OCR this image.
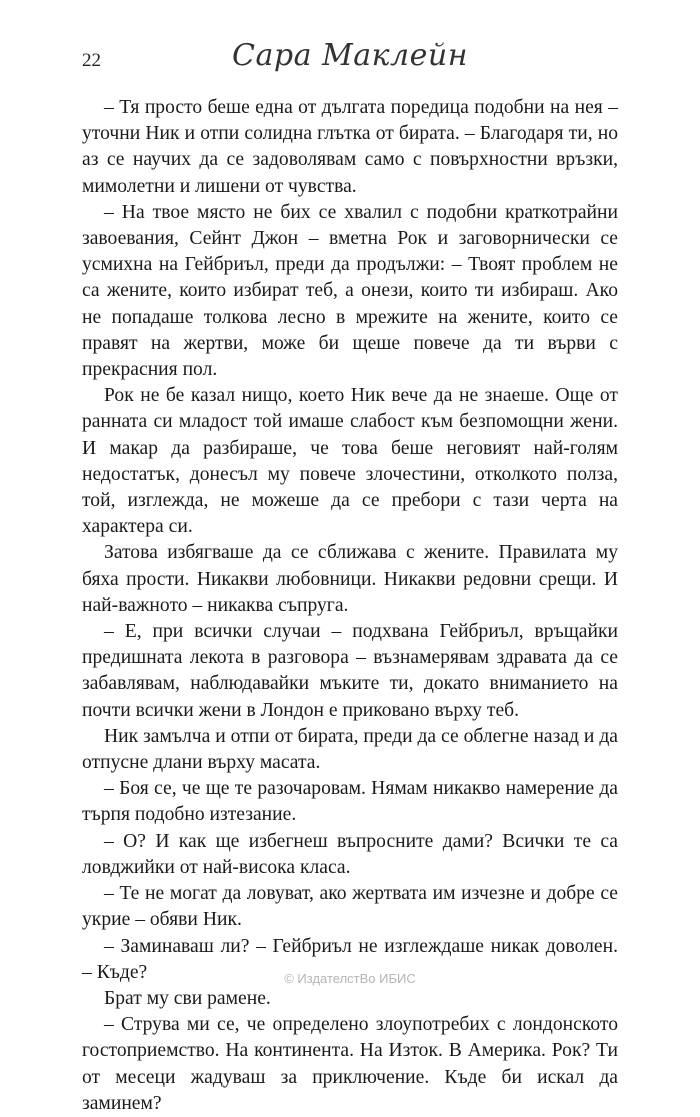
22	Сара Маклейн

– Тя просто беше една от дългата поредица подобни на нея – уточни Ник и отпи солидна глътка от бирата. – Благодаря ти, но аз се научих да се задоволявам само с повърхностни връзки, мимолетни и лишени от чувства.

– На твое място не бих се хвалил с подобни краткотрайни завоевания, Сейнт Джон – вметна Рок и заговорнически се усмихна на Гейбриъл, преди да продължи: – Твоят проблем не са жените, които избират теб, а онези, които ти избираш. Ако не попадаше толкова лесно в мрежите на жените, които се правят на жертви, може би щеше повече да ти върви с прекрасния пол.

Рок не бе казал нищо, което Ник вече да не знаеше. Още от ранната си младост той имаше слабост към безпомощни жени. И макар да разбираше, че това беше неговият най-голям недостатък, донесъл му повече злочестини, отколкото полза, той, изглежда, не можеше да се пребори с тази черта на характера си.

Затова избягваше да се сближава с жените. Правилата му бяха прости. Никакви любовници. Никакви редовни срещи. И най-важното – никаква съпруга.

– Е, при всички случаи – подхвана Гейбриъл, връщайки предишната лекота в разговора – възнамерявам здравата да се забавлявам, наблюдавайки мъките ти, докато вниманието на почти всички жени в Лондон е приковано върху теб.

Ник замълча и отпи от бирата, преди да се облегне назад и да отпусне длани върху масата.

– Боя се, че ще те разочаровам. Нямам никакво намерение да търпя подобно изтезание.

– О? И как ще избегнеш въпросните дами? Всички те са ловджийки от най-висока класа.

– Те не могат да ловуват, ако жертвата им изчезне и добре се укрие – обяви Ник.

– Заминаваш ли? – Гейбриъл не изглеждаше никак доволен. – Къде?

Брат му сви рамене.

– Струва ми се, че определено злоупотребих с лондонското гостоприемство. На континента. На Изток. В Америка. Рок? Ти от месеци жадуваш за приключение. Къде би искал да заминем?

© ИздателстВо ИБИС
